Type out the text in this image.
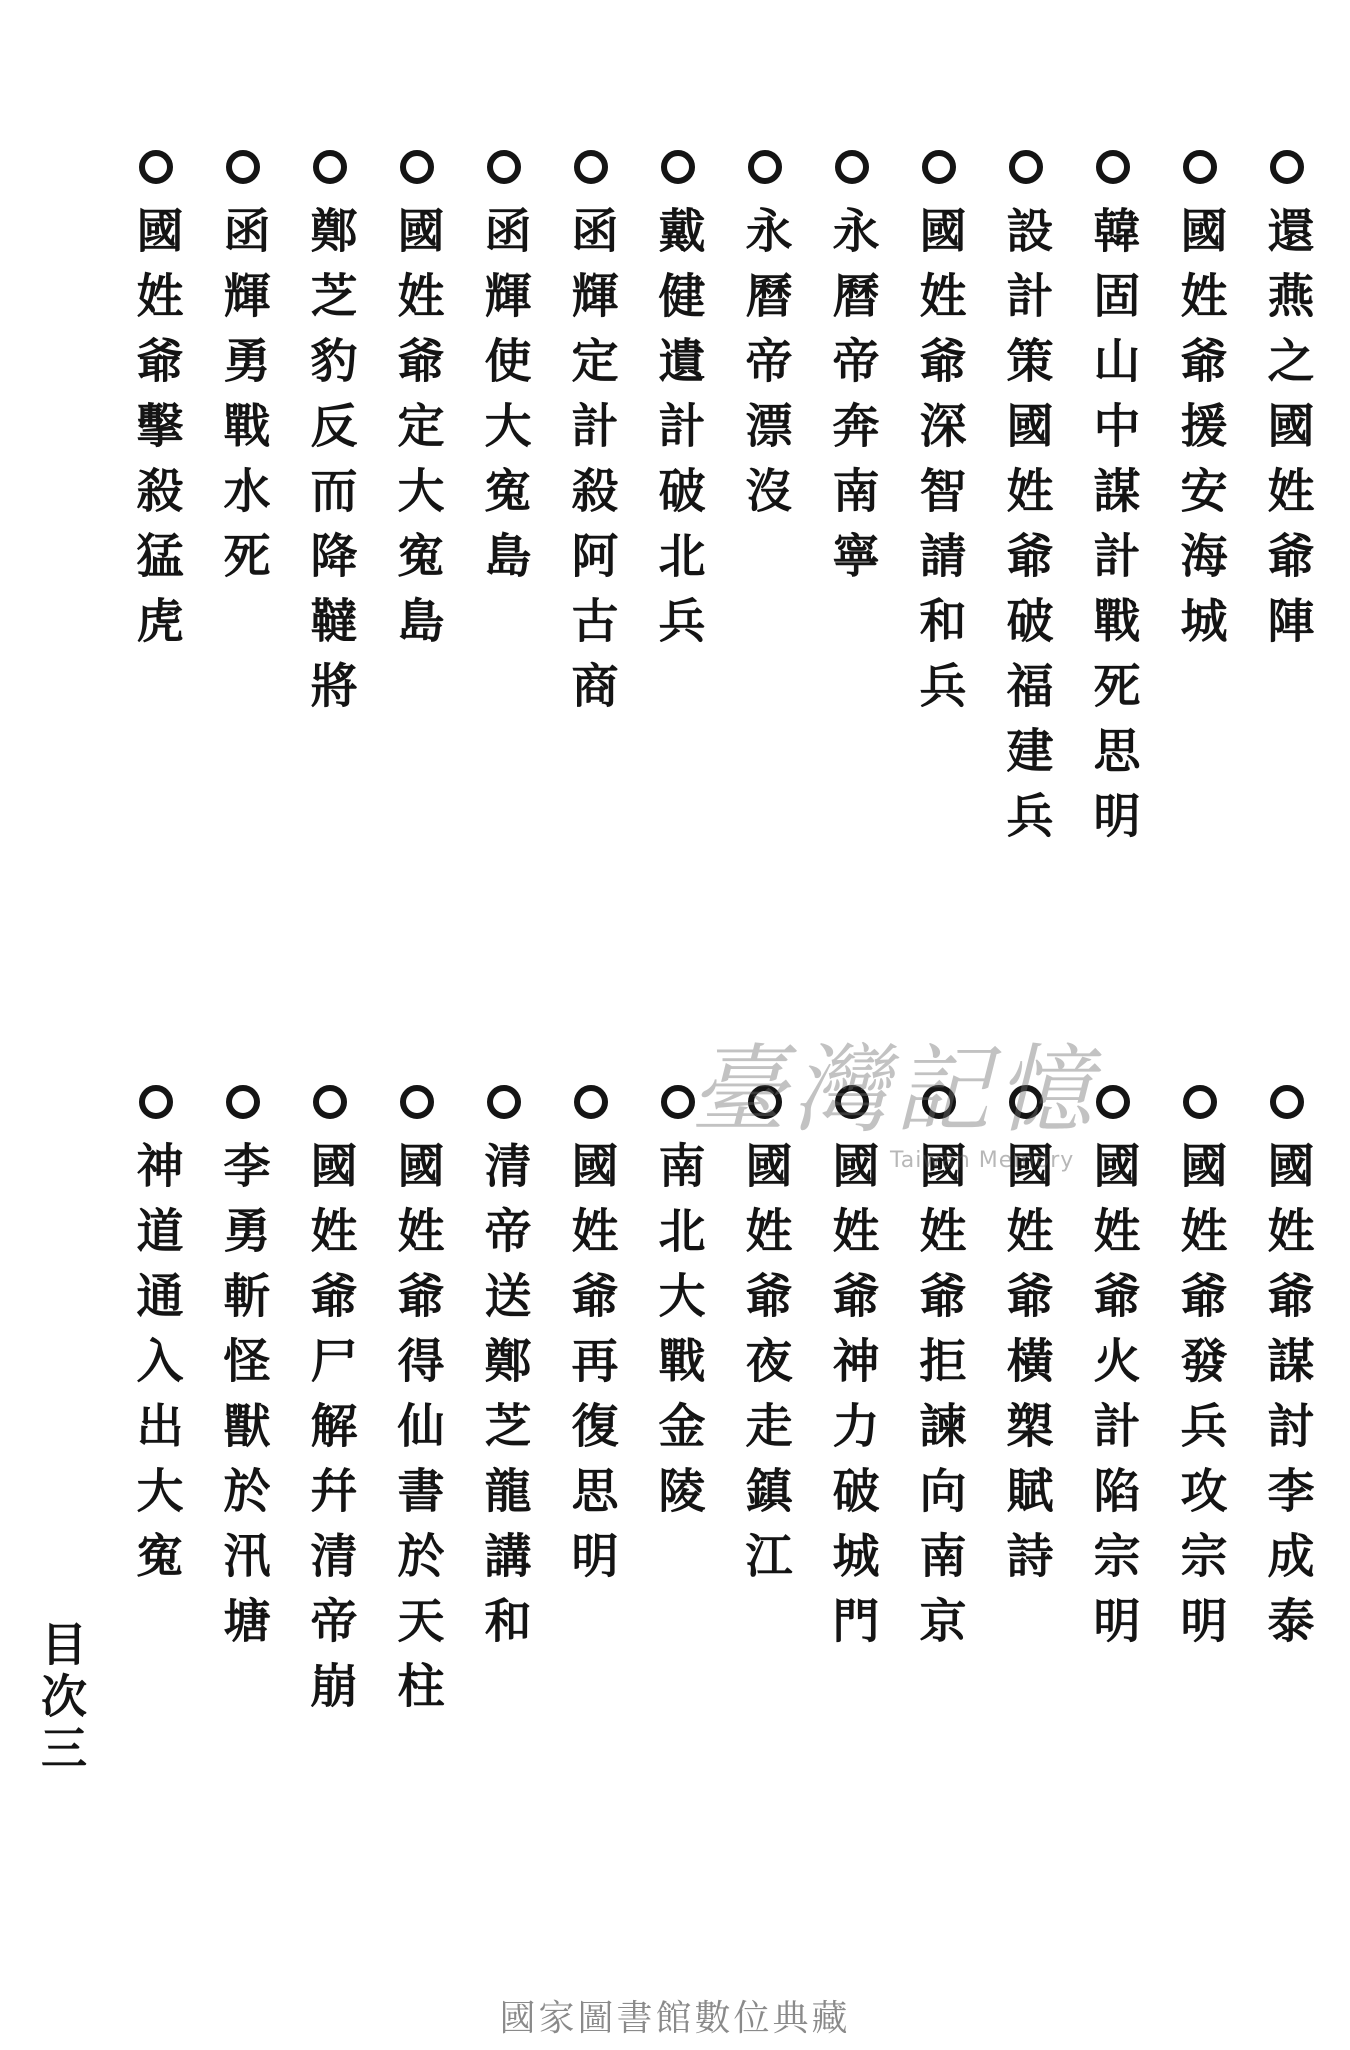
還燕之國姓爺陣
國姓爺援安海城
韓固山中謀計戰死思明
設計策國姓爺破福建兵
國姓爺深智請和兵
永曆帝奔南寧
永曆帝漂沒
戴健遺計破北兵
函輝定計殺阿古商
函輝使大寃島
國姓爺定大寃島
鄭芝豹反而降韃將
函輝勇戰水死
國姓爺擊殺猛虎
國姓爺謀討李成泰
國姓爺發兵攻宗明
國姓爺火計陷宗明
國姓爺橫槊賦詩
國姓爺拒諫向南京
國姓爺神力破城門
國姓爺夜走鎮江
南北大戰金陵
國姓爺再復思明
清帝送鄭芝龍講和
國姓爺得仙書於天柱
國姓爺尸解幷清帝崩
李勇斬怪獸於汛塘
神道通入出大寃
臺灣記憶
Taiwan Memory
目次三
國家圖書館數位典藏
